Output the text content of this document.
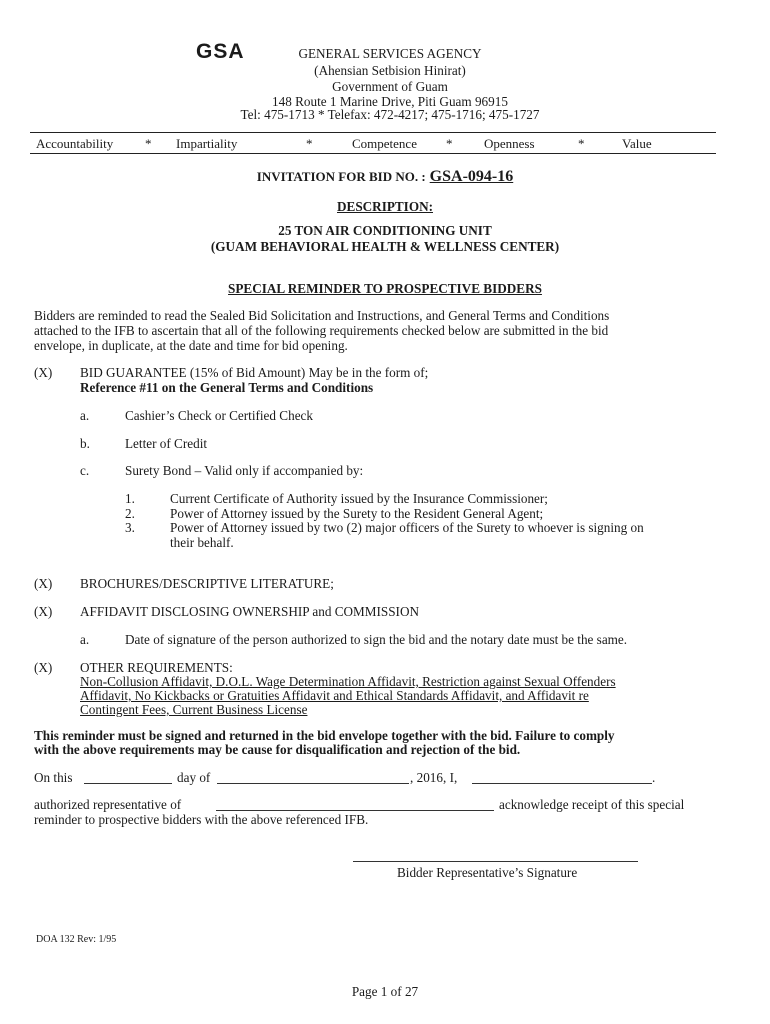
GSA	GENERAL SERVICES AGENCY
(Ahensian Setbision Hinirat)
Government of Guam
148 Route 1 Marine Drive, Piti Guam 96915
Tel: 475-1713 * Telefax: 472-4217; 475-1716; 475-1727
Accountability * Impartiality	*	Competence * Openness	*	Value
INVITATION FOR BID NO. : GSA-094-16
DESCRIPTION:
25 TON AIR CONDITIONING UNIT
(GUAM BEHAVIORAL HEALTH & WELLNESS CENTER)
SPECIAL REMINDER TO PROSPECTIVE BIDDERS
Bidders are reminded to read the Sealed Bid Solicitation and Instructions, and General Terms and Conditions
attached to the IFB to ascertain that all of the following requirements checked below are submitted in the bid
envelope, in duplicate, at the date and time for bid opening.
(X) BID GUARANTEE (15% of Bid Amount) May be in the form of;
Reference #11 on the General Terms and Conditions
a.	Cashier’s Check or Certified Check
b.	Letter of Credit
c.	Surety Bond – Valid only if accompanied by:
1.	Current Certificate of Authority issued by the Insurance Commissioner;
2.	Power of Attorney issued by the Surety to the Resident General Agent;
3.	Power of Attorney issued by two (2) major officers of the Surety to whoever is signing on
their behalf.
(X) BROCHURES/DESCRIPTIVE LITERATURE;
(X) AFFIDAVIT DISCLOSING OWNERSHIP and COMMISSION
a.	Date of signature of the person authorized to sign the bid and the notary date must be the same.
(X) OTHER REQUIREMENTS:
Non-Collusion Affidavit, D.O.L. Wage Determination Affidavit, Restriction against Sexual Offenders
Affidavit, No Kickbacks or Gratuities Affidavit and Ethical Standards Affidavit, and Affidavit re
Contingent Fees, Current Business License
This reminder must be signed and returned in the bid envelope together with the bid. Failure to comply
with the above requirements may be cause for disqualification and rejection of the bid.
On this	day of	, 2016, I,	.
authorized representative of	acknowledge receipt of this special
reminder to prospective bidders with the above referenced IFB.
Bidder Representative’s Signature
DOA 132 Rev: 1/95
Page 1 of 27
